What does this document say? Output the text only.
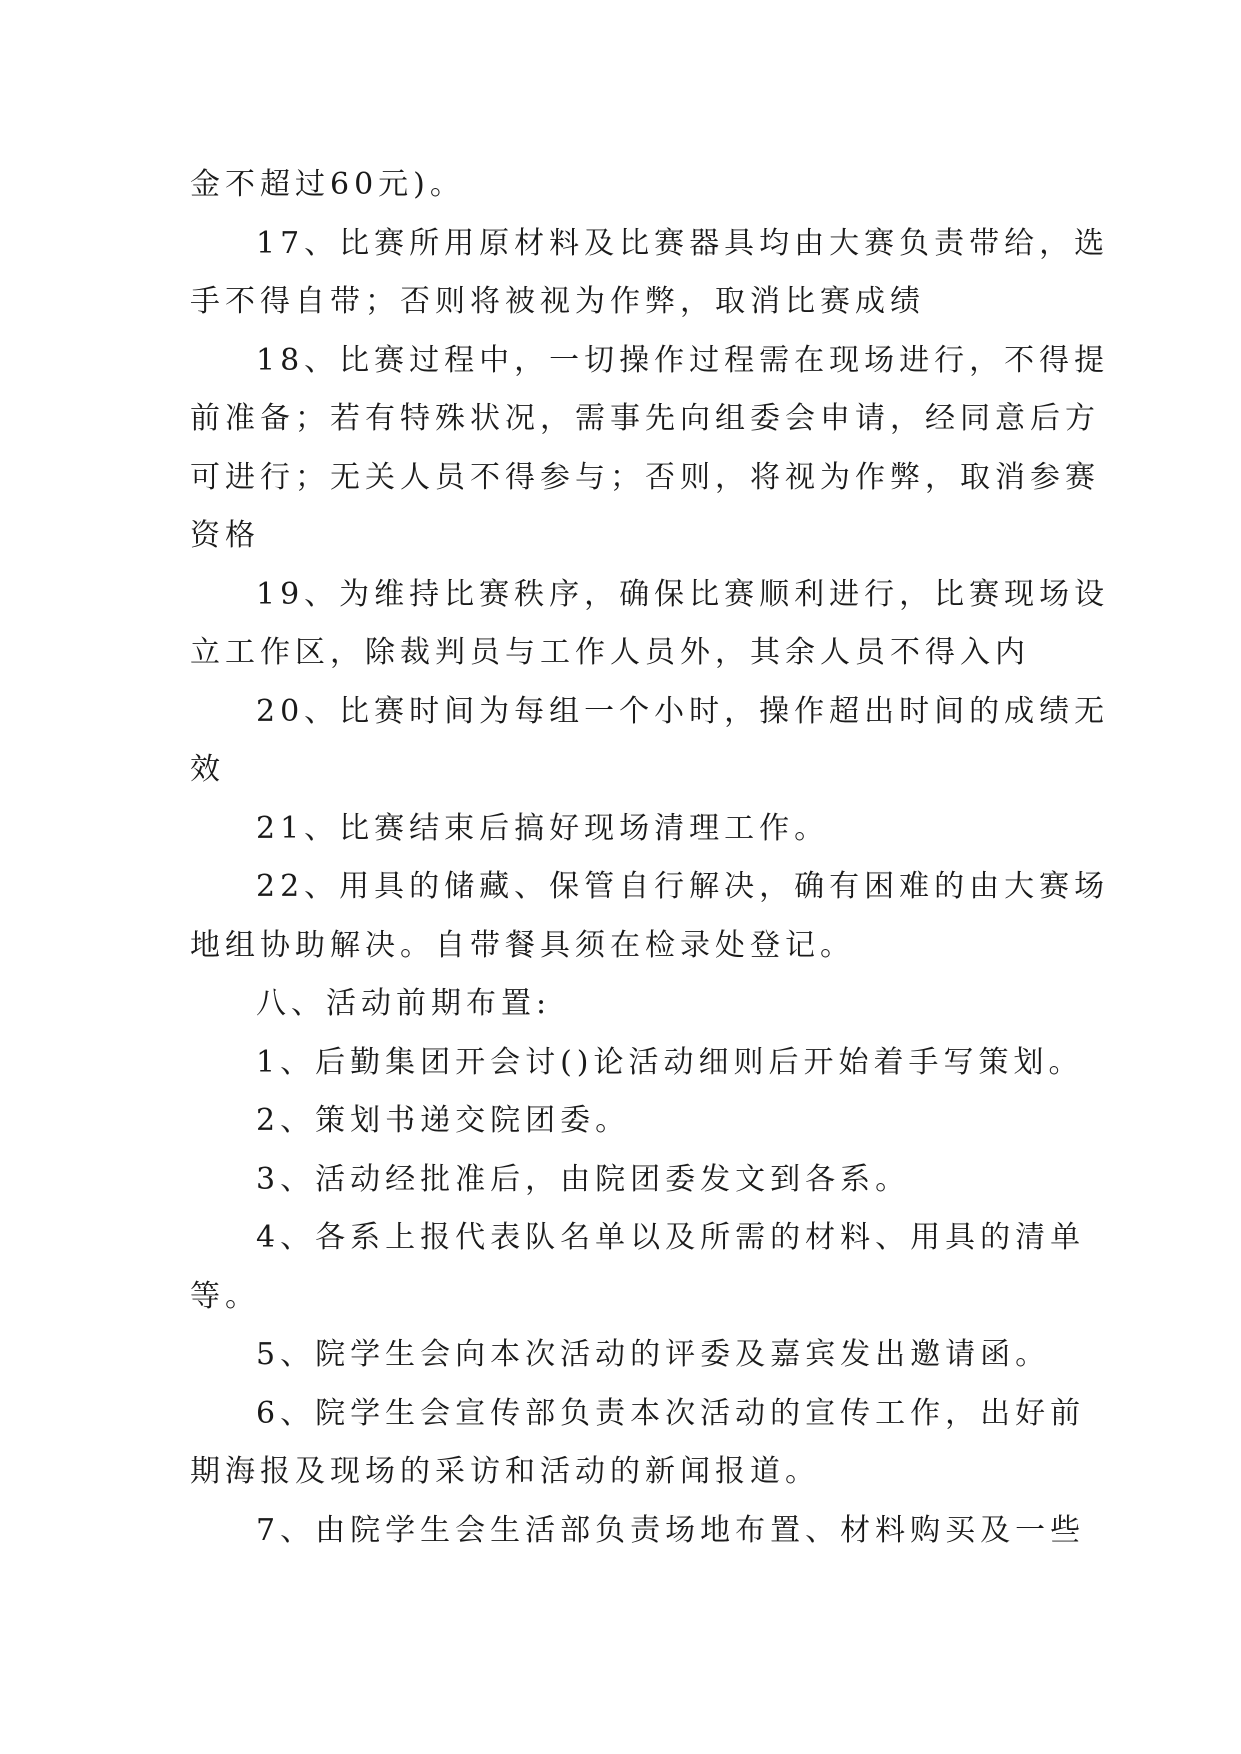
金不超过60元)。
17、比赛所用原材料及比赛器具均由大赛负责带给，选
手不得自带；否则将被视为作弊，取消比赛成绩
18、比赛过程中，一切操作过程需在现场进行，不得提
前准备；若有特殊状况，需事先向组委会申请，经同意后方
可进行；无关人员不得参与；否则，将视为作弊，取消参赛
资格
19、为维持比赛秩序，确保比赛顺利进行，比赛现场设
立工作区，除裁判员与工作人员外，其余人员不得入内
20、比赛时间为每组一个小时，操作超出时间的成绩无
效
21、比赛结束后搞好现场清理工作。
22、用具的储藏、保管自行解决，确有困难的由大赛场
地组协助解决。自带餐具须在检录处登记。
八、活动前期布置:
1、后勤集团开会讨()论活动细则后开始着手写策划。
2、策划书递交院团委。
3、活动经批准后，由院团委发文到各系。
4、各系上报代表队名单以及所需的材料、用具的清单
等。
5、院学生会向本次活动的评委及嘉宾发出邀请函。
6、院学生会宣传部负责本次活动的宣传工作，出好前
期海报及现场的采访和活动的新闻报道。
7、由院学生会生活部负责场地布置、材料购买及一些
